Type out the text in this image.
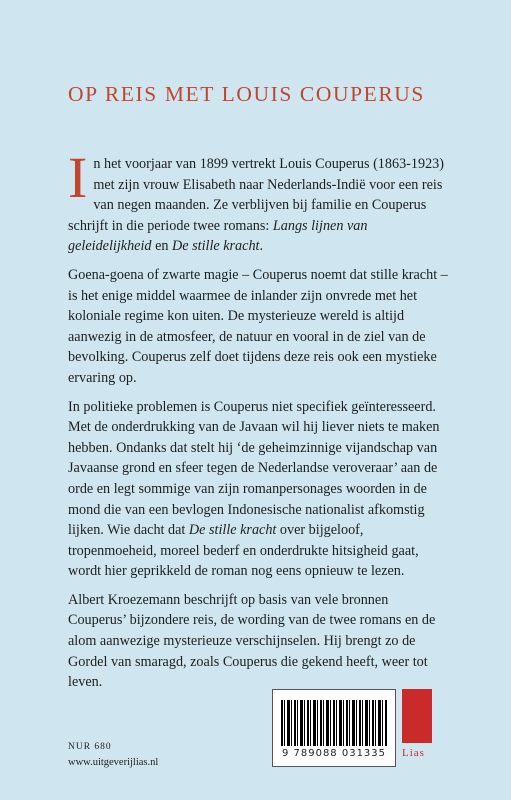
OP REIS MET LOUIS COUPERUS

In het voorjaar van 1899 vertrekt Louis Couperus (1863-1923) met zijn vrouw Elisabeth naar Nederlands-Indië voor een reis van negen maanden. Ze verblijven bij familie en Couperus schrijft in die periode twee romans: Langs lijnen van geleidelijkheid en De stille kracht.

Goena-goena of zwarte magie – Couperus noemt dat stille kracht – is het enige middel waarmee de inlander zijn onvrede met het koloniale regime kon uiten. De mysterieuze wereld is altijd aanwezig in de atmosfeer, de natuur en vooral in de ziel van de bevolking. Couperus zelf doet tijdens deze reis ook een mystieke ervaring op.

In politieke problemen is Couperus niet specifiek geïnteresseerd. Met de onderdrukking van de Javaan wil hij liever niets te maken hebben. Ondanks dat stelt hij ‘de geheimzinnige vijandschap van Javaanse grond en sfeer tegen de Nederlandse veroveraar’ aan de orde en legt sommige van zijn romanpersonages woorden in de mond die van een bevlogen Indonesische nationalist afkomstig lijken. Wie dacht dat De stille kracht over bijgeloof, tropenmoeheid, moreel bederf en onderdrukte hitsigheid gaat, wordt hier geprikkeld de roman nog eens opnieuw te lezen.

Albert Kroezemann beschrijft op basis van vele bronnen Couperus’ bijzondere reis, de wording van de twee romans en de alom aanwezige mysterieuze verschijnselen. Hij brengt zo de Gordel van smaragd, zoals Couperus die gekend heeft, weer tot leven.

NUR 680
www.uitgeverijlias.nl
9 789088 031335
UITGEVERIJ
Lias
